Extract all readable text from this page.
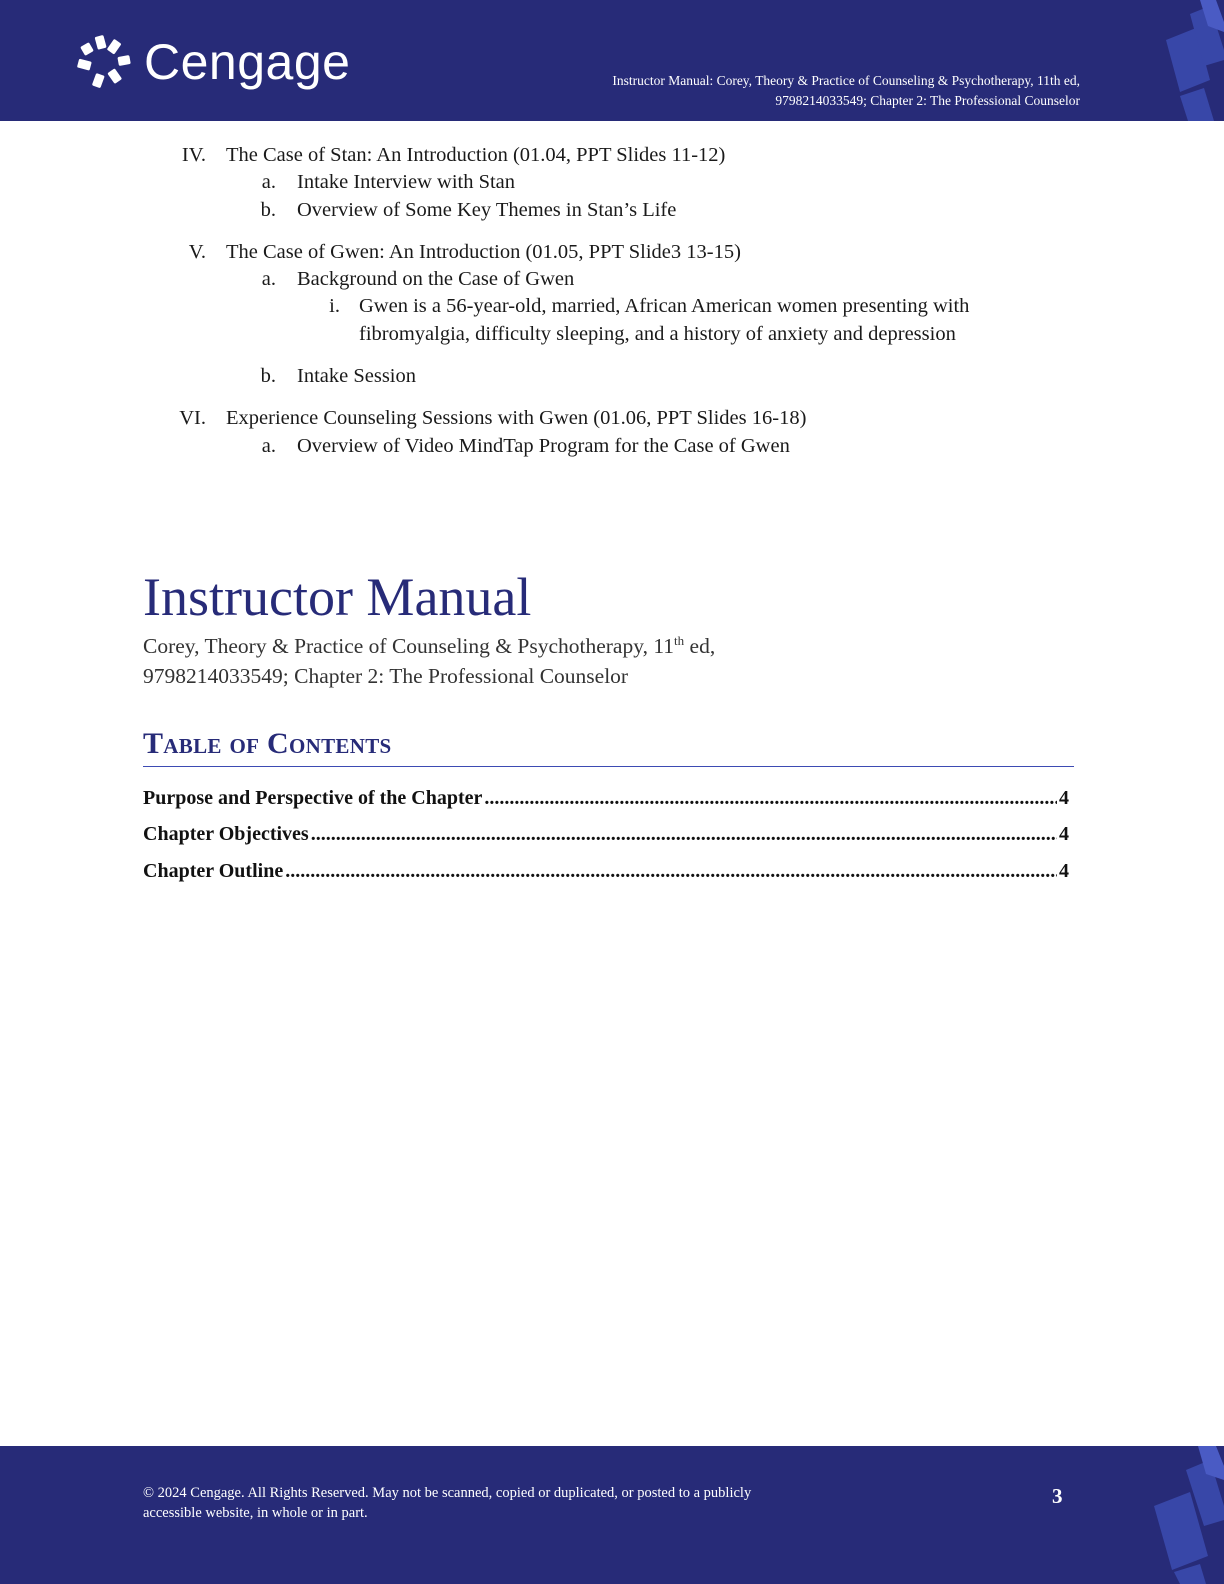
Cengage	Instructor Manual: Corey, Theory & Practice of Counseling & Psychotherapy, 11th ed,
9798214033549; Chapter 2: The Professional Counselor
IV. The Case of Stan: An Introduction (01.04, PPT Slides 11-12)
a. Intake Interview with Stan
b. Overview of Some Key Themes in Stan’s Life
V. The Case of Gwen: An Introduction (01.05, PPT Slide3 13-15)
a. Background on the Case of Gwen
i. Gwen is a 56-year-old, married, African American women presenting with
fibromyalgia, difficulty sleeping, and a history of anxiety and depression
b. Intake Session
VI. Experience Counseling Sessions with Gwen (01.06, PPT Slides 16-18)
a. Overview of Video MindTap Program for the Case of Gwen
Instructor Manual
Corey, Theory & Practice of Counseling & Psychotherapy, 11th ed,
9798214033549; Chapter 2: The Professional Counselor
Table of Contents
Purpose and Perspective of the Chapter .....	4
Chapter Objectives .....	4
Chapter Outline .....	4
© 2024 Cengage. All Rights Reserved. May not be scanned, copied or duplicated, or posted to a publicly
accessible website, in whole or in part.
3
